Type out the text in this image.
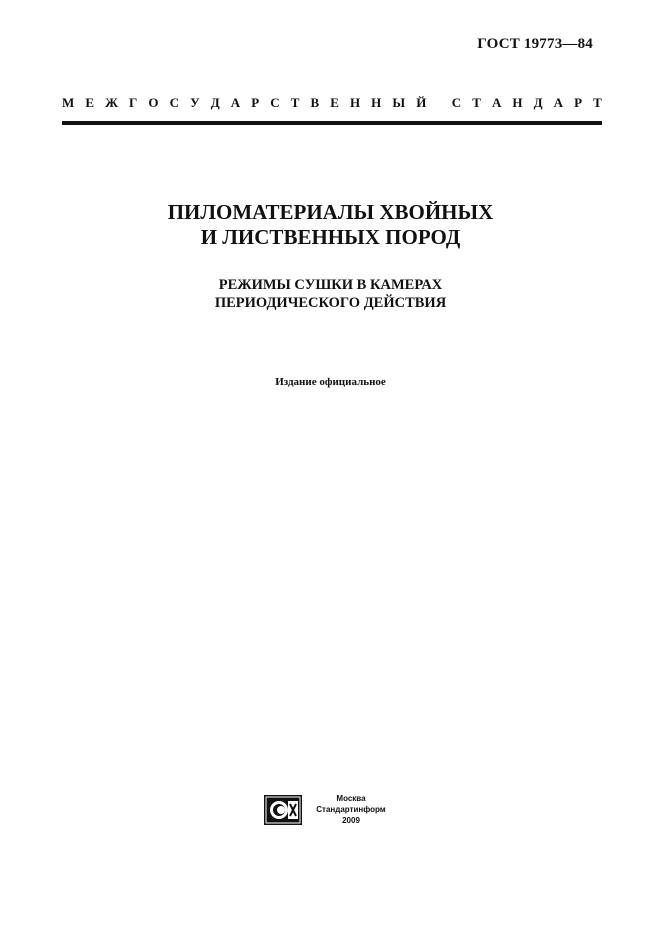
ГОСТ 19773—84
М Е Ж Г О С У Д А Р С Т В Е Н Н Ы Й
С Т А Н Д А Р Т
ПИЛОМАТЕРИАЛЫ ХВОЙНЫХ
И ЛИСТВЕННЫХ ПОРОД
РЕЖИМЫ СУШКИ В КАМЕРАХ
ПЕРИОДИЧЕСКОГО ДЕЙСТВИЯ
Издание официальное
Москва
Стандартинформ
2009
